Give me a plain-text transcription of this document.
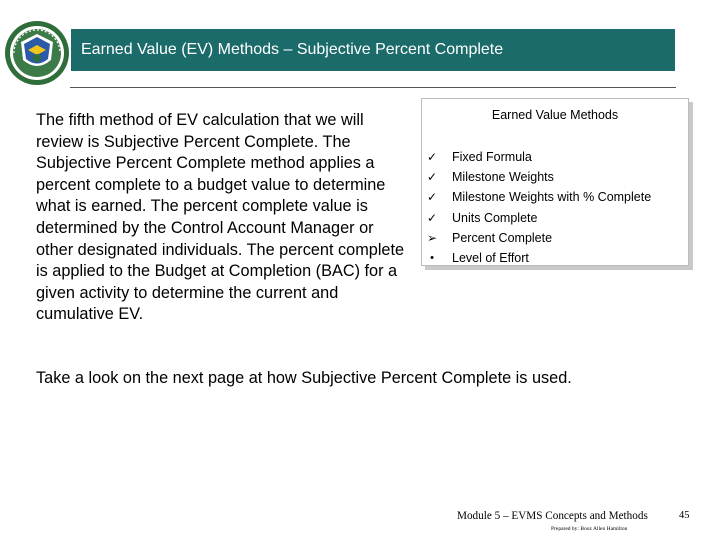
Earned Value (EV) Methods – Subjective Percent Complete
The fifth method of EV calculation that we will review is Subjective Percent Complete. The Subjective Percent Complete method applies a percent complete to a budget value to determine what is earned. The percent complete value is determined by the Control Account Manager or other designated individuals. The percent complete is applied to the Budget at Completion (BAC) for a given activity to determine the current and cumulative EV.
Earned Value Methods
✓ Fixed Formula
✓ Milestone Weights
✓ Milestone Weights with % Complete
✓ Units Complete
➢ Percent Complete
•	Level of Effort
Take a look on the next page at how Subjective Percent Complete is used.
Module 5 – EVMS Concepts and Methods
Prepared by: Booz Allen Hamilton
45
